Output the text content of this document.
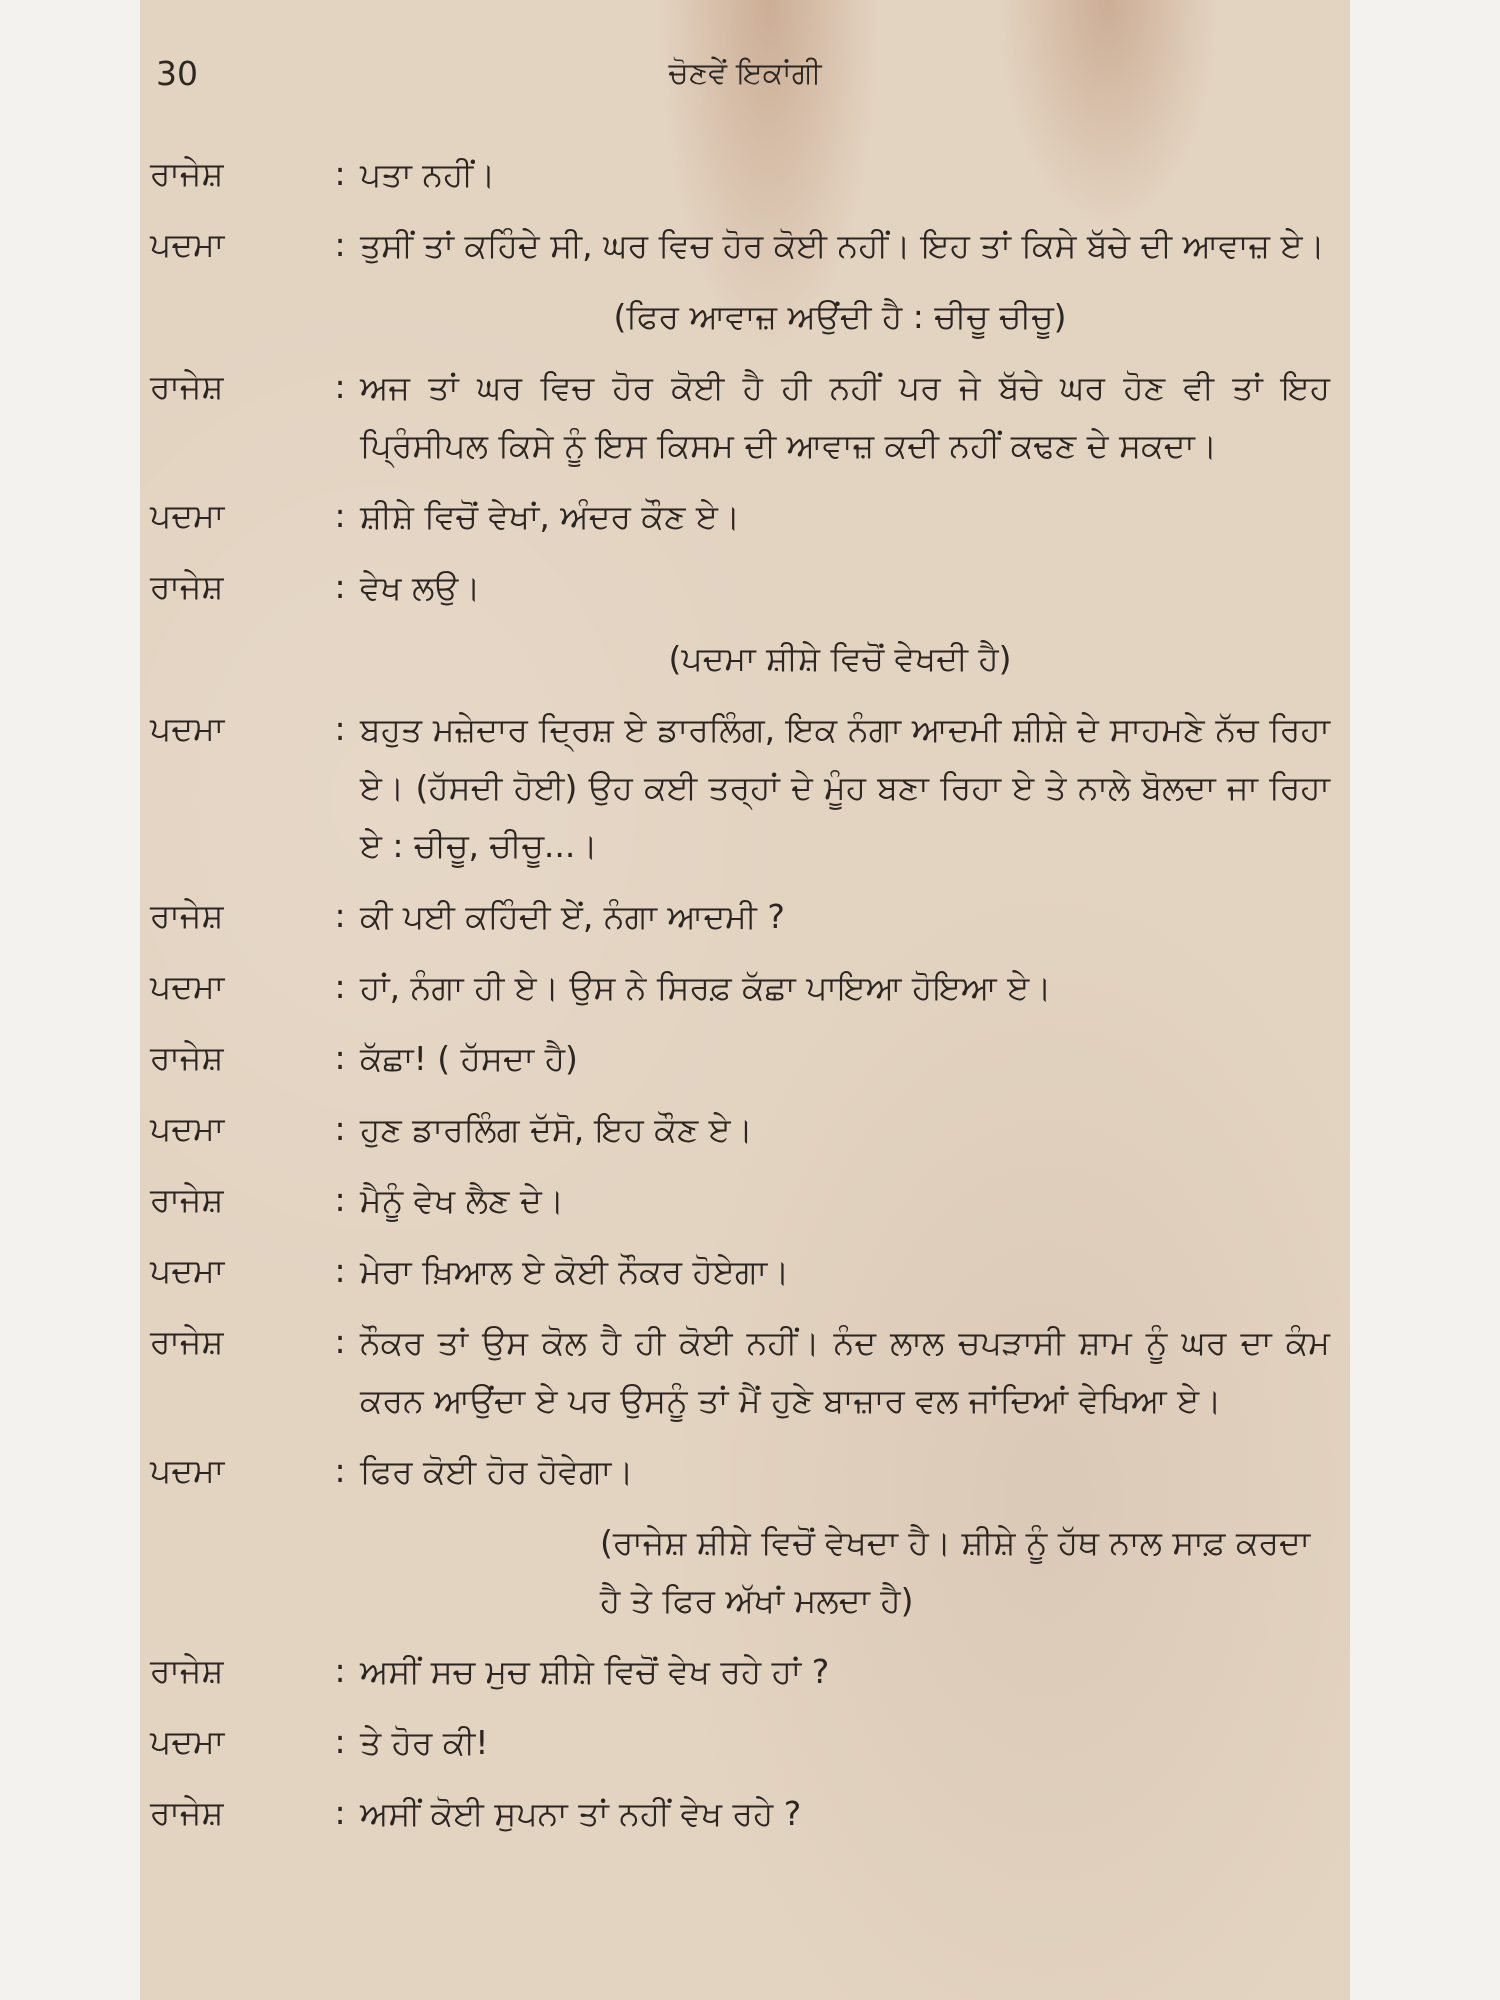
30	ਚੋਣਵੇਂ ਇਕਾਂਗੀ
ਰਾਜੇਸ਼	: ਪਤਾ ਨਹੀਂ।
ਪਦਮਾ	: ਤੁਸੀਂ ਤਾਂ ਕਹਿੰਦੇ ਸੀ, ਘਰ ਵਿਚ ਹੋਰ ਕੋਈ ਨਹੀਂ। ਇਹ ਤਾਂ ਕਿਸੇ ਬੱਚੇ ਦੀ ਆਵਾਜ਼ ਏ।
(ਫਿਰ ਆਵਾਜ਼ ਅਉਂਦੀ ਹੈ : ਚੀਚੂ ਚੀਚੂ)
ਰਾਜੇਸ਼	: ਅਜ ਤਾਂ ਘਰ ਵਿਚ ਹੋਰ ਕੋਈ ਹੈ ਹੀ ਨਹੀਂ ਪਰ ਜੇ ਬੱਚੇ ਘਰ ਹੋਣ ਵੀ ਤਾਂ ਇਹ ਪ੍ਰਿੰਸੀਪਲ ਕਿਸੇ ਨੂੰ ਇਸ ਕਿਸਮ ਦੀ ਆਵਾਜ਼ ਕਦੀ ਨਹੀਂ ਕਢਣ ਦੇ ਸਕਦਾ।
ਪਦਮਾ	: ਸ਼ੀਸ਼ੇ ਵਿਚੋਂ ਵੇਖਾਂ, ਅੰਦਰ ਕੌਣ ਏ।
ਰਾਜੇਸ਼	: ਵੇਖ ਲਉ।
(ਪਦਮਾ ਸ਼ੀਸ਼ੇ ਵਿਚੋਂ ਵੇਖਦੀ ਹੈ)
ਪਦਮਾ	: ਬਹੁਤ ਮਜ਼ੇਦਾਰ ਦ੍ਰਿਸ਼ ਏ ਡਾਰਲਿੰਗ, ਇਕ ਨੰਗਾ ਆਦਮੀ ਸ਼ੀਸ਼ੇ ਦੇ ਸਾਹਮਣੇ ਨੱਚ ਰਿਹਾ ਏ। (ਹੱਸਦੀ ਹੋਈ) ਉਹ ਕਈ ਤਰ੍ਹਾਂ ਦੇ ਮੂੰਹ ਬਣਾ ਰਿਹਾ ਏ ਤੇ ਨਾਲੇ ਬੋਲਦਾ ਜਾ ਰਿਹਾ ਏ : ਚੀਚੂ, ਚੀਚੂ...।
ਰਾਜੇਸ਼	: ਕੀ ਪਈ ਕਹਿੰਦੀ ਏਂ, ਨੰਗਾ ਆਦਮੀ ?
ਪਦਮਾ	: ਹਾਂ, ਨੰਗਾ ਹੀ ਏ। ਉਸ ਨੇ ਸਿਰਫ਼ ਕੱਛਾ ਪਾਇਆ ਹੋਇਆ ਏ।
ਰਾਜੇਸ਼	: ਕੱਛਾ! ( ਹੱਸਦਾ ਹੈ)
ਪਦਮਾ	: ਹੁਣ ਡਾਰਲਿੰਗ ਦੱਸੋ, ਇਹ ਕੌਣ ਏ।
ਰਾਜੇਸ਼	: ਮੈਨੂੰ ਵੇਖ ਲੈਣ ਦੇ।
ਪਦਮਾ	: ਮੇਰਾ ਖ਼ਿਆਲ ਏ ਕੋਈ ਨੌਕਰ ਹੋਏਗਾ।
ਰਾਜੇਸ਼	: ਨੌਕਰ ਤਾਂ ਉਸ ਕੋਲ ਹੈ ਹੀ ਕੋਈ ਨਹੀਂ। ਨੰਦ ਲਾਲ ਚਪੜਾਸੀ ਸ਼ਾਮ ਨੂੰ ਘਰ ਦਾ ਕੰਮ ਕਰਨ ਆਉਂਦਾ ਏ ਪਰ ਉਸਨੂੰ ਤਾਂ ਮੈਂ ਹੁਣੇ ਬਾਜ਼ਾਰ ਵਲ ਜਾਂਦਿਆਂ ਵੇਖਿਆ ਏ।
ਪਦਮਾ	: ਫਿਰ ਕੋਈ ਹੋਰ ਹੋਵੇਗਾ।
(ਰਾਜੇਸ਼ ਸ਼ੀਸ਼ੇ ਵਿਚੋਂ ਵੇਖਦਾ ਹੈ। ਸ਼ੀਸ਼ੇ ਨੂੰ ਹੱਥ ਨਾਲ ਸਾਫ਼ ਕਰਦਾ ਹੈ ਤੇ ਫਿਰ ਅੱਖਾਂ ਮਲਦਾ ਹੈ)
ਰਾਜੇਸ਼	: ਅਸੀਂ ਸਚ ਮੁਚ ਸ਼ੀਸ਼ੇ ਵਿਚੋਂ ਵੇਖ ਰਹੇ ਹਾਂ ?
ਪਦਮਾ	: ਤੇ ਹੋਰ ਕੀ!
ਰਾਜੇਸ਼	: ਅਸੀਂ ਕੋਈ ਸੁਪਨਾ ਤਾਂ ਨਹੀਂ ਵੇਖ ਰਹੇ ?
